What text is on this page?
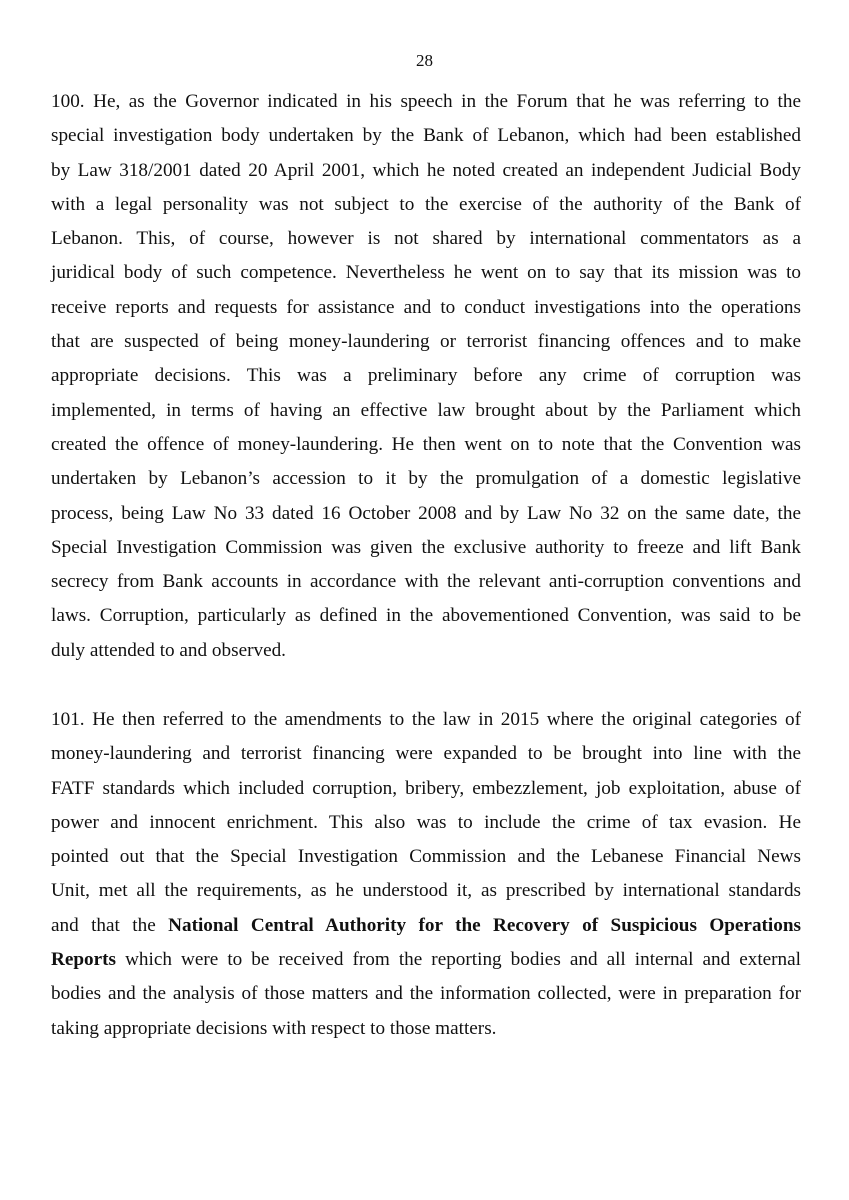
28
100. He, as the Governor indicated in his speech in the Forum that he was referring to the
special investigation body undertaken by the Bank of Lebanon, which had been established
by Law 318/2001 dated 20 April 2001, which he noted created an independent Judicial Body
with a legal personality was not subject to the exercise of the authority of the Bank of
Lebanon. This, of course, however is not shared by international commentators as a
juridical body of such competence. Nevertheless he went on to say that its mission was to
receive reports and requests for assistance and to conduct investigations into the operations
that are suspected of being money-laundering or terrorist financing offences and to make
appropriate decisions. This was a preliminary before any crime of corruption was
implemented, in terms of having an effective law brought about by the Parliament which
created the offence of money-laundering. He then went on to note that the Convention was
undertaken by Lebanon’s accession to it by the promulgation of a domestic legislative
process, being Law No 33 dated 16 October 2008 and by Law No 32 on the same date, the
Special Investigation Commission was given the exclusive authority to freeze and lift Bank
secrecy from Bank accounts in accordance with the relevant anti-corruption conventions and
laws. Corruption, particularly as defined in the abovementioned Convention, was said to be
duly attended to and observed.
101. He then referred to the amendments to the law in 2015 where the original categories of
money-laundering and terrorist financing were expanded to be brought into line with the
FATF standards which included corruption, bribery, embezzlement, job exploitation, abuse of
power and innocent enrichment. This also was to include the crime of tax evasion. He
pointed out that the Special Investigation Commission and the Lebanese Financial News
Unit, met all the requirements, as he understood it, as prescribed by international standards
and that the National Central Authority for the Recovery of Suspicious Operations
Reports which were to be received from the reporting bodies and all internal and external
bodies and the analysis of those matters and the information collected, were in preparation for
taking appropriate decisions with respect to those matters.
